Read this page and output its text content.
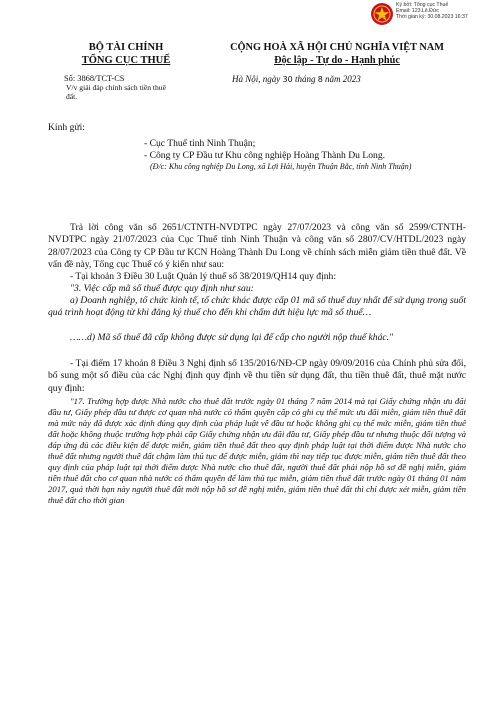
Ký bởi: Tổng cục Thuế
Email: 123.Lê.Đức
Thời gian ký: 30.08.2023 16:37
BỘ TÀI CHÍNH
TỔNG CỤC THUẾ
Số: 3868/TCT-CS
V/v giải đáp chính sách tiền thuê đất.
CỘNG HOÀ XÃ HỘI CHỦ NGHĨA VIỆT NAM
Độc lập - Tự do - Hạnh phúc
Hà Nội, ngày 30 tháng 8 năm 2023
Kính gửi:
- Cục Thuế tỉnh Ninh Thuận;
- Công ty CP Đầu tư Khu công nghiệp Hoàng Thành Du Long.
(Đ/c: Khu công nghiệp Du Long, xã Lợi Hải, huyện Thuận Bắc, tỉnh Ninh Thuận)

Trả lời công văn số 2651/CTNTH-NVDTPC ngày 27/07/2023 và công văn số 2599/CTNTH-NVDTPC ngày 21/07/2023 của Cục Thuế tỉnh Ninh Thuận và công văn số 2807/CV/HTDL/2023 ngày 28/07/2023 của Công ty CP Đầu tư KCN Hoàng Thành Du Long về chính sách miễn giảm tiền thuê đất. Về vấn đề này, Tổng cục Thuế có ý kiến như sau:

- Tại khoản 3 Điều 30 Luật Quản lý thuế số 38/2019/QH14 quy định:

"3. Việc cấp mã số thuế được quy định như sau:

a) Doanh nghiệp, tổ chức kinh tế, tổ chức khác được cấp 01 mã số thuế duy nhất để sử dụng trong suốt quá trình hoạt động từ khi đăng ký thuế cho đến khi chấm dứt hiệu lực mã số thuế…

……d) Mã số thuế đã cấp không được sử dụng lại để cấp cho người nộp thuế khác."

- Tại điểm 17 khoản 8 Điều 3 Nghị định số 135/2016/NĐ-CP ngày 09/09/2016 của Chính phủ sửa đổi, bổ sung một số điều của các Nghị định quy định về thu tiền sử dụng đất, thu tiền thuê đất, thuê mặt nước quy định:

"17. Trường hợp được Nhà nước cho thuê đất trước ngày 01 tháng 7 năm 2014 mà tại Giấy chứng nhận ưu đãi đầu tư, Giấy phép đầu tư được cơ quan nhà nước có thẩm quyền cấp có ghi cụ thể mức ưu đãi miễn, giảm tiền thuê đất mà mức này đã được xác định đúng quy định của pháp luật về đầu tư hoặc không ghi cụ thể mức miễn, giảm tiền thuê đất hoặc không thuộc trường hợp phải cấp Giấy chứng nhận ưu đãi đầu tư, Giấy phép đầu tư nhưng thuộc đối tượng và đáp ứng đủ các điều kiện để được miễn, giảm tiền thuê đất theo quy định pháp luật tại thời điểm được Nhà nước cho thuê đất nhưng người thuê đất chậm làm thủ tục để được miễn, giảm thì nay tiếp tục được miễn, giảm tiền thuê đất theo quy định của pháp luật tại thời điểm được Nhà nước cho thuê đất, người thuê đất phải nộp hồ sơ đề nghị miễn, giảm tiền thuê đất cho cơ quan nhà nước có thẩm quyền để làm thủ tục miễn, giảm tiền thuê đất trước ngày 01 tháng 01 năm 2017, quá thời hạn này người thuê đất mới nộp hồ sơ đề nghị miễn, giảm tiền thuê đất thì chỉ được xét miễn, giảm tiền thuê đất cho thời gian
